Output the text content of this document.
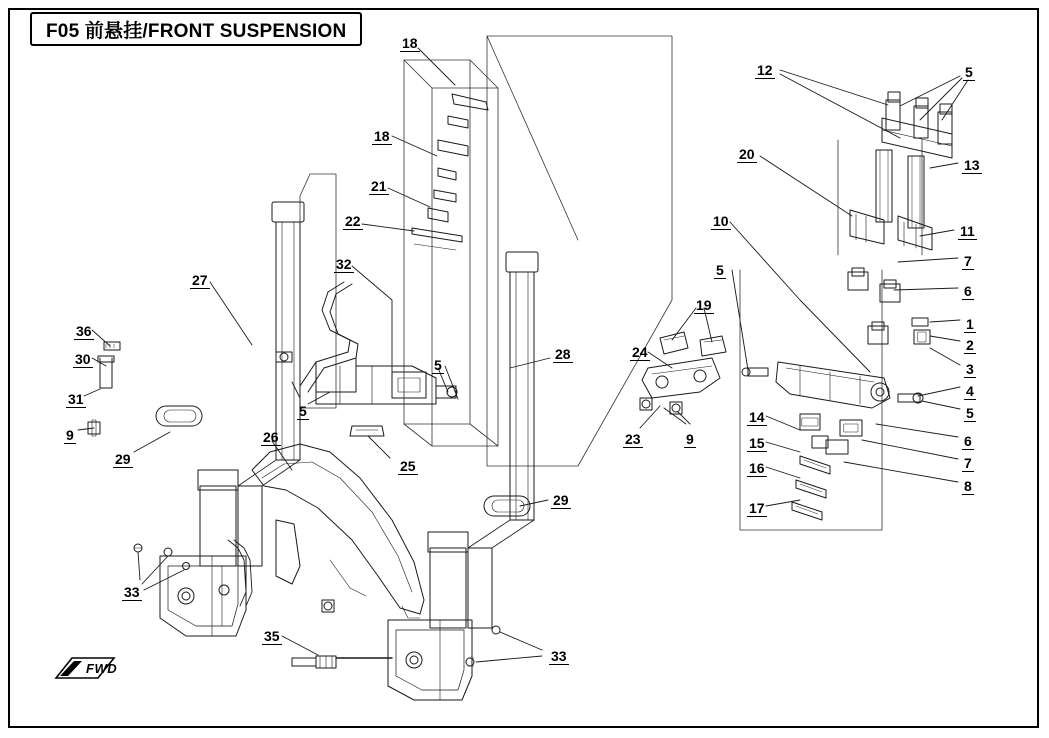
F05 前悬挂/FRONT SUSPENSION
FWD
18
12	5
18
20
13
21
10
11
22
7
32	5
27
6
19
1
36
2
24
30	28
5	3
31	4
5
5
9
14
29
6
26	23	15
9
7
25	16
8
17
29
33
35
33
